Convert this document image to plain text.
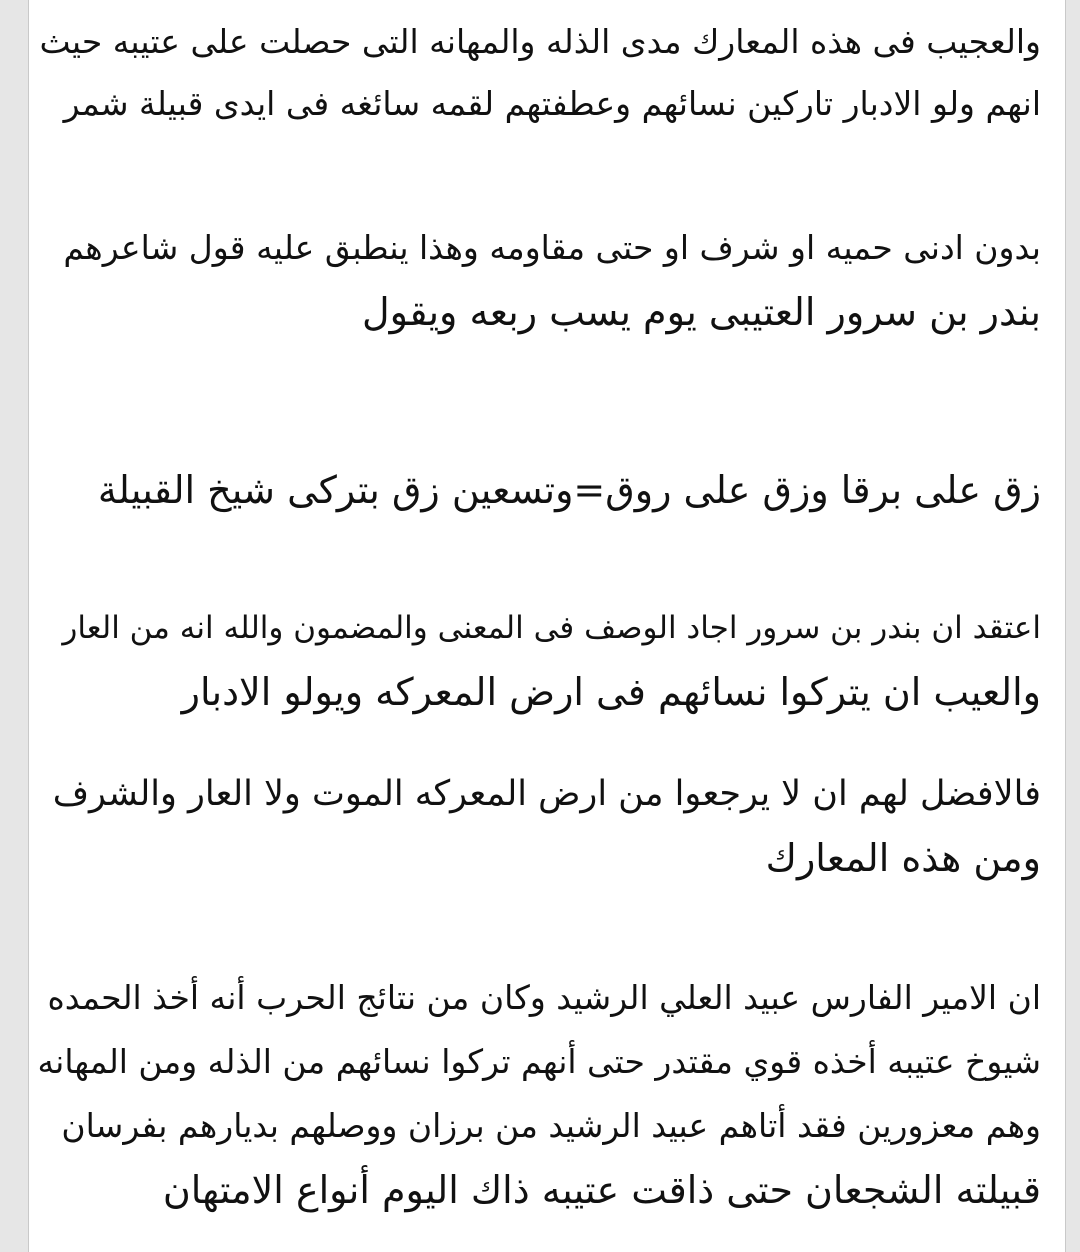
والعجيب فى هذه المعارك مدى الذله والمهانه التى حصلت على عتيبه حيث
انهم ولو الادبار تاركين نسائهم وعطفتهم لقمه سائغه فى ايدى قبيلة شمر
بدون ادنى حميه او شرف او حتى مقاومه وهذا ينطبق عليه قول شاعرهم
بندر بن سرور العتيبى يوم يسب ربعه ويقول
زق على برقا وزق على روق=وتسعين زق بتركى شيخ القبيلة
اعتقد ان بندر بن سرور اجاد الوصف فى المعنى والمضمون والله انه من العار
والعيب ان يتركوا نسائهم فى ارض المعركه ويولو الادبار
فالافضل لهم ان لا يرجعوا من ارض المعركه الموت ولا العار والشرف
ومن هذه المعارك
ان الامير الفارس عبيد العلي الرشيد وكان من نتائج الحرب أنه أخذ الحمده
شيوخ عتيبه أخذه قوي مقتدر حتى أنهم تركوا نسائهم من الذله ومن المهانه
وهم معزورين فقد أتاهم عبيد الرشيد من برزان ووصلهم بديارهم بفرسان
قبيلته الشجعان حتى ذاقت عتيبه ذاك اليوم أنواع الامتهان
